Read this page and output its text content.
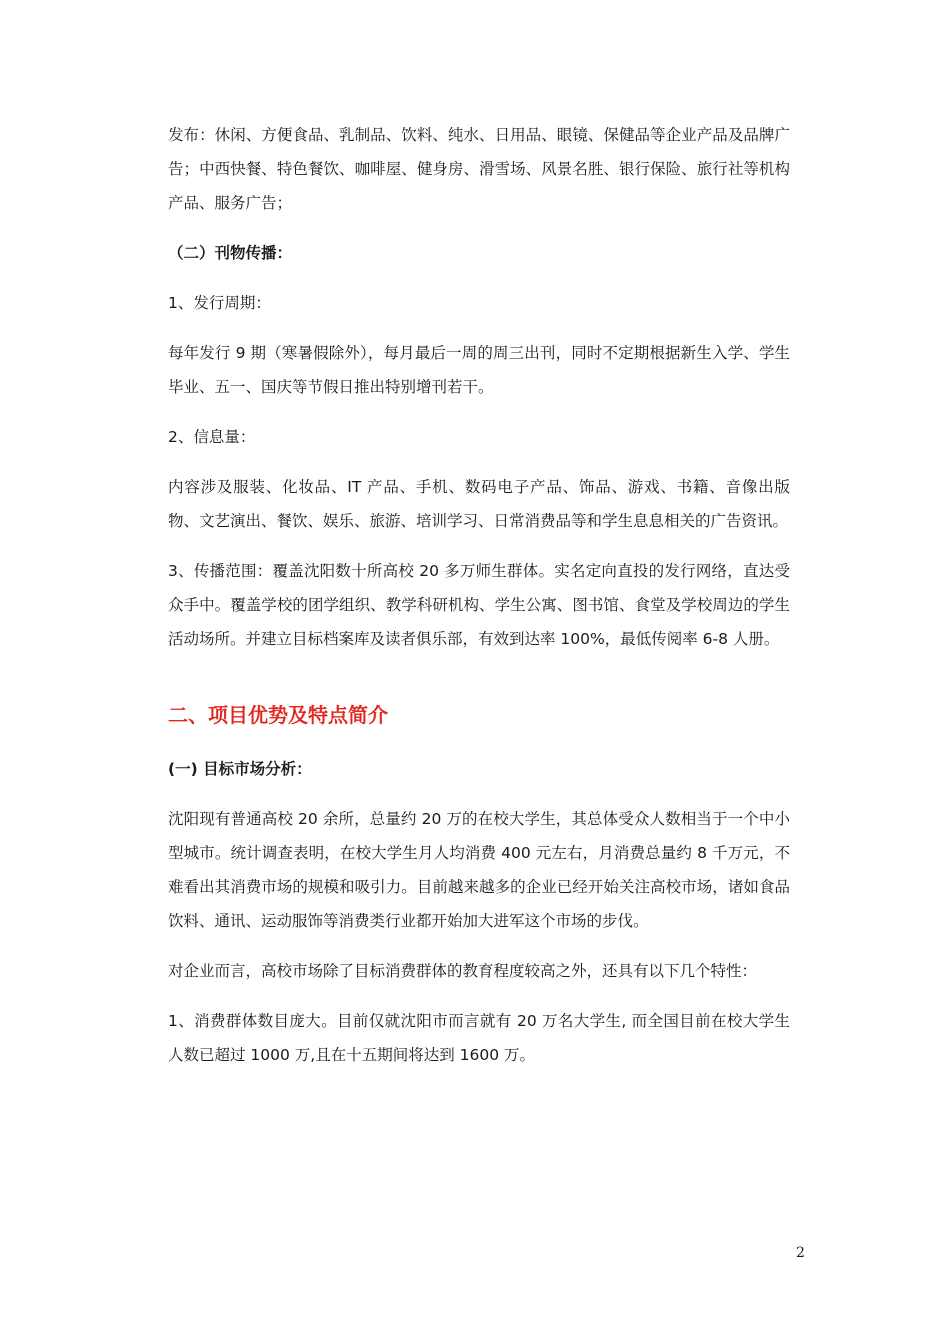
发布：休闲、方便食品、乳制品、饮料、纯水、日用品、眼镜、保健品等企业产品及品牌广告；中西快餐、特色餐饮、咖啡屋、健身房、滑雪场、风景名胜、银行保险、旅行社等机构产品、服务广告；

（二）刊物传播：

1、发行周期：

每年发行 9 期（寒暑假除外），每月最后一周的周三出刊，同时不定期根据新生入学、学生毕业、五一、国庆等节假日推出特别增刊若干。

2、信息量：

内容涉及服装、化妆品、IT 产品、手机、数码电子产品、饰品、游戏、书籍、音像出版物、文艺演出、餐饮、娱乐、旅游、培训学习、日常消费品等和学生息息相关的广告资讯。

3、传播范围：覆盖沈阳数十所高校 20 多万师生群体。实名定向直投的发行网络，直达受众手中。覆盖学校的团学组织、教学科研机构、学生公寓、图书馆、食堂及学校周边的学生活动场所。并建立目标档案库及读者俱乐部，有效到达率 100%，最低传阅率 6-8 人册。

二、项目优势及特点简介

(一) 目标市场分析：

沈阳现有普通高校 20 余所，总量约 20 万的在校大学生，其总体受众人数相当于一个中小型城市。统计调查表明，在校大学生月人均消费 400 元左右，月消费总量约 8 千万元，不难看出其消费市场的规模和吸引力。目前越来越多的企业已经开始关注高校市场，诸如食品饮料、通讯、运动服饰等消费类行业都开始加大进军这个市场的步伐。

对企业而言，高校市场除了目标消费群体的教育程度较高之外，还具有以下几个特性：

1、消费群体数目庞大。目前仅就沈阳市而言就有 20 万名大学生, 而全国目前在校大学生人数已超过 1000 万,且在十五期间将达到 1600 万。

2
